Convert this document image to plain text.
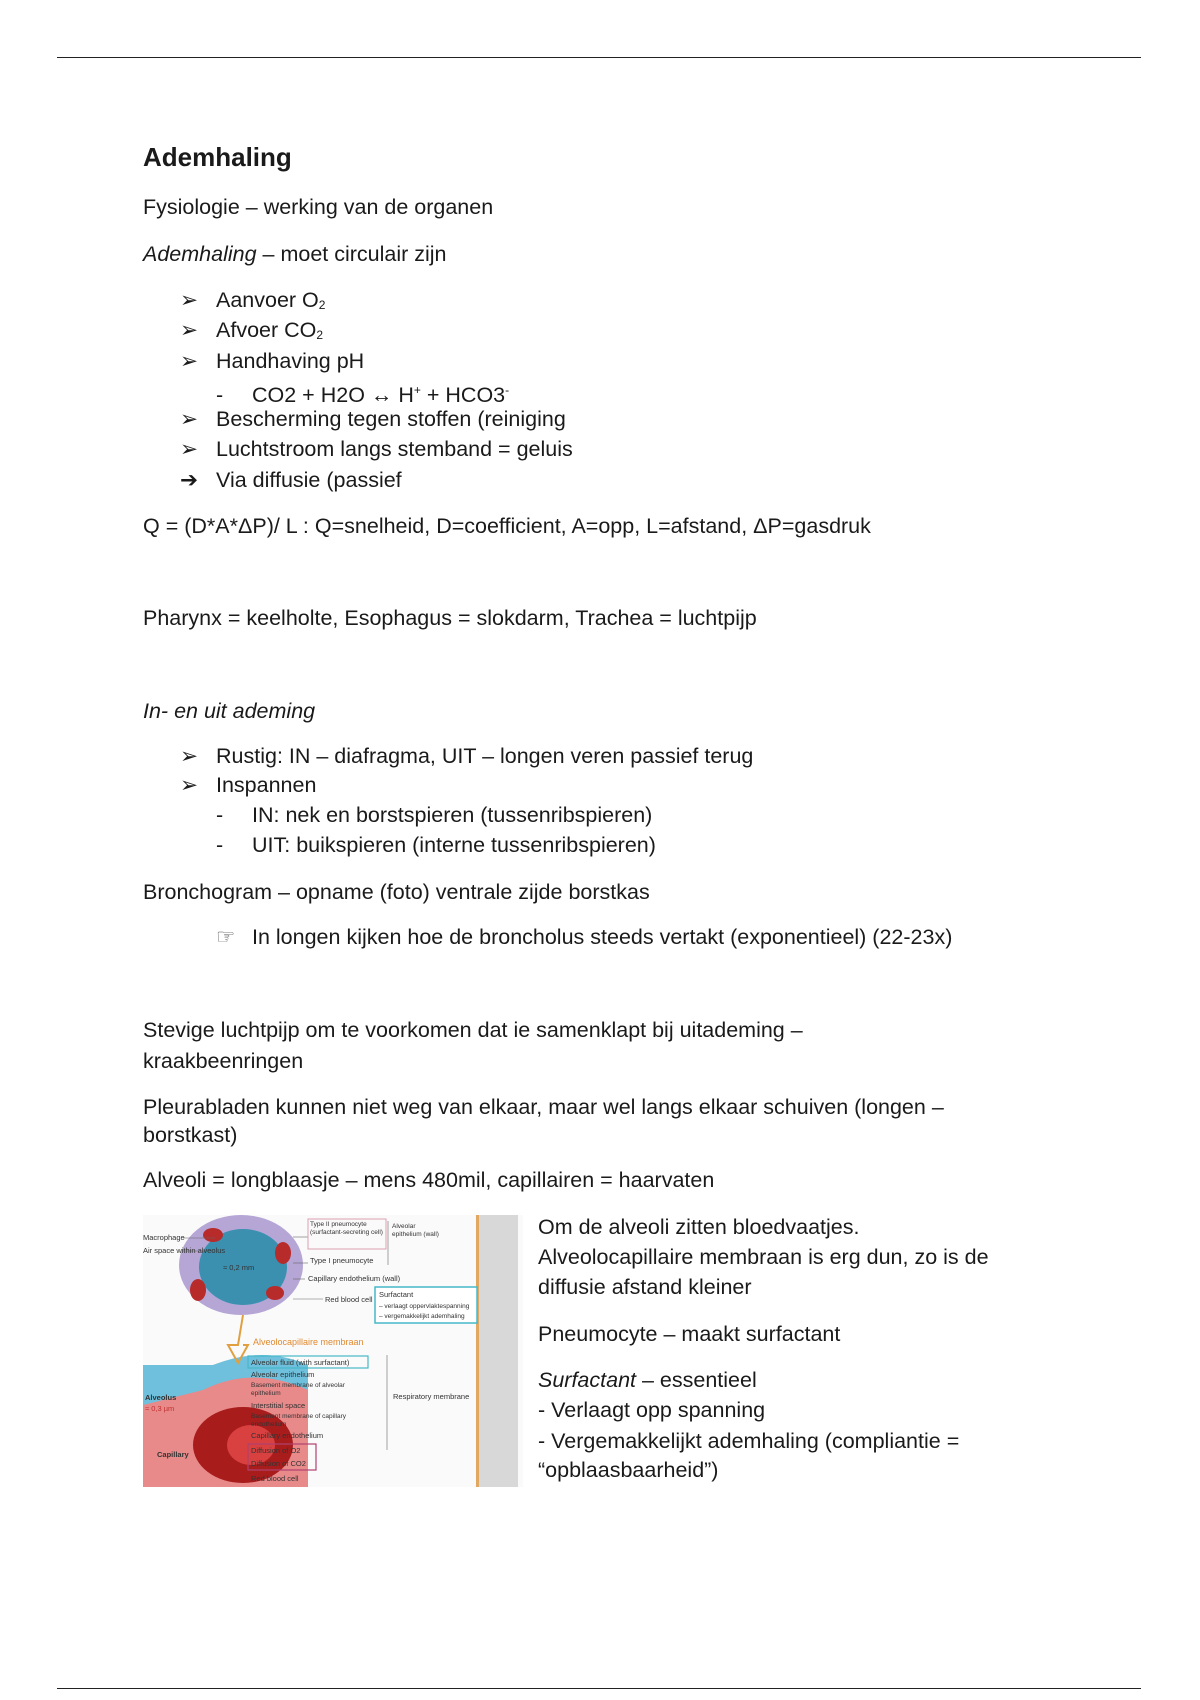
Ademhaling
Fysiologie – werking van de organen
Ademhaling – moet circulair zijn
➢ Aanvoer $O_2$
➢ Afvoer $CO_2$
➢ Handhaving pH
- CO2 + H2O ↔ H+ + HCO3-
➢ Bescherming tegen stoffen (reiniging
➢ Luchtstroom langs stemband = geluis
➔ Via diffusie (passief
Q = (D*A*ΔP)/ L : Q=snelheid, D=coefficient, A=opp, L=afstand, ΔP=gasdruk
Pharynx = keelholte, Esophagus = slokdarm, Trachea = luchtpijp
In- en uit ademing
➢ Rustig: IN – diafragma, UIT – longen veren passief terug
➢ Inspannen
- IN: nek en borstspieren (tussenribspieren)
- UIT: buikspieren (interne tussenribspieren)
Bronchogram – opname (foto) ventrale zijde borstkas
☞ In longen kijken hoe de broncholus steeds vertakt (exponentieel) (22-23x)
Stevige luchtpijp om te voorkomen dat ie samenklapt bij uitademing –
kraakbeenringen
Pleurabladen kunnen niet weg van elkaar, maar wel langs elkaar schuiven (longen –
borstkast)
Alveoli = longblaasje – mens 480mil, capillairen = haarvaten
Macrophage
Air space within alveolus
≈ 0,2 mm
Type II pneumocyte (surfactant-secreting cell)
Type I pneumocyte
Alveolar epithelium (wall)
Capillary endothelium (wall)
Red blood cell
Surfactant
– verlaagt oppervlaktespanning
– vergemakkelijkt ademhaling
Alveolocapillaire membraan
Alveolar fluid (with surfactant)
Alveolar epithelium
Basement membrane of alveolar epithelium
Interstitial space
Basement membrane of capillary endothelium
Capillary endothelium
Respiratory membrane
Diffusion of O2
Diffusion of CO2
Red blood cell
Alveolus
≈ 0,3 µm
Capillary
Om de alveoli zitten bloedvaatjes.
Alveolocapillaire membraan is erg dun, zo is de
diffusie afstand kleiner
Pneumocyte – maakt surfactant
Surfactant – essentieel
- Verlaagt opp spanning
- Vergemakkelijkt ademhaling (compliantie =
“opblaasbaarheid”)
